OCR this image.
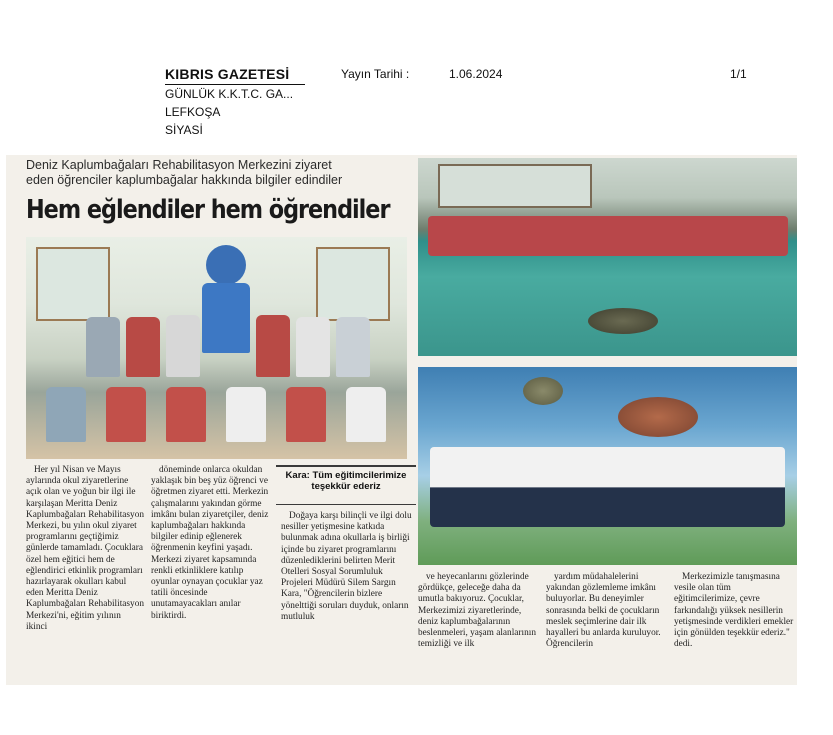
KIBRIS GAZETESİ
GÜNLÜK K.K.T.C. GA...
LEFKOŞA
SİYASİ
Yayın Tarihi :	1.06.2024	1/1
Deniz Kaplumbağaları Rehabilitasyon Merkezini ziyaret
eden öğrenciler kaplumbağalar hakkında bilgiler edindiler
Hem eğlendiler hem öğrendiler

Her yıl Nisan ve Mayıs aylarında okul ziyaretlerine açık olan ve yoğun bir ilgi ile karşılaşan Meritta Deniz Kaplumbağaları Rehabilitasyon Merkezi, bu yılın okul ziyaret programlarını geçtiğimiz günlerde tamamladı. Çocuklara özel hem eğitici hem de eğlendirici etkinlik programları hazırlayarak okulları kabul eden Meritta Deniz Kaplumbağaları Rehabilitasyon Merkezi'ni, eğitim yılının ikinci

döneminde onlarca okuldan yaklaşık bin beş yüz öğrenci ve öğretmen ziyaret etti. Merkezin çalışmalarını yakından görme imkânı bulan ziyaretçiler, deniz kaplumbağaları hakkında bilgiler edinip eğlenerek öğrenmenin keyfini yaşadı. Merkezi ziyaret kapsamında renkli etkinliklere katılıp oyunlar oynayan çocuklar yaz tatili öncesinde unutamayacakları anılar biriktirdi.

Kara: Tüm eğitimcilerimize teşekkür ederiz

Doğaya karşı bilinçli ve ilgi dolu nesiller yetişmesine katkıda bulunmak adına okullarla iş birliği içinde bu ziyaret programlarını düzenlediklerini belirten Merit Otelleri Sosyal Sorumluluk Projeleri Müdürü Silem Sargın Kara, "Öğrencilerin bizlere yönelttiği soruları duyduk, onların mutluluk

ve heyecanlarını gözlerinde gördükçe, geleceğe daha da umutla bakıyoruz. Çocuklar, Merkezimizi ziyaretlerinde, deniz kaplumbağalarının beslenmeleri, yaşam alanlarının temizliği ve ilk

yardım müdahalelerini yakından gözlemleme imkânı buluyorlar. Bu deneyimler sonrasında belki de çocukların meslek seçimlerine dair ilk hayalleri bu anlarda kuruluyor. Öğrencilerin

Merkezimizle tanışmasına vesile olan tüm eğitimcilerimize, çevre farkındalığı yüksek nesillerin yetişmesinde verdikleri emekler için gönülden teşekkür ederiz." dedi.
